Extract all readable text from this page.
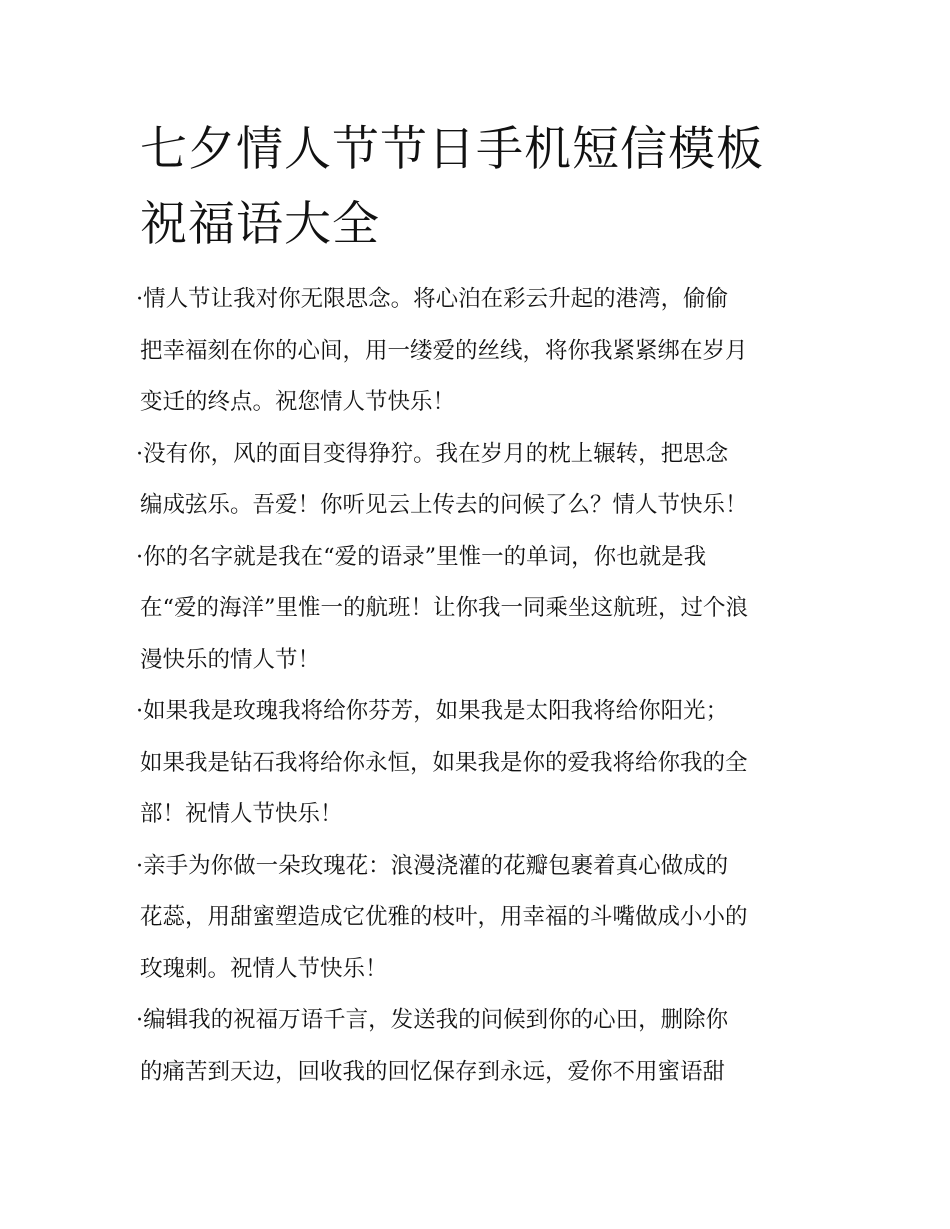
七夕情人节节日手机短信模板
祝福语大全
·情人节让我对你无限思念。将心泊在彩云升起的港湾，偷偷
把幸福刻在你的心间，用一缕爱的丝线，将你我紧紧绑在岁月
变迁的终点。祝您情人节快乐！
·没有你，风的面目变得狰狞。我在岁月的枕上辗转，把思念
编成弦乐。吾爱！你听见云上传去的问候了么？情人节快乐！
·你的名字就是我在“爱的语录”里惟一的单词，你也就是我
在“爱的海洋”里惟一的航班！让你我一同乘坐这航班，过个浪
漫快乐的情人节！
·如果我是玫瑰我将给你芬芳，如果我是太阳我将给你阳光；
如果我是钻石我将给你永恒，如果我是你的爱我将给你我的全
部！祝情人节快乐！
·亲手为你做一朵玫瑰花：浪漫浇灌的花瓣包裹着真心做成的
花蕊，用甜蜜塑造成它优雅的枝叶，用幸福的斗嘴做成小小的
玫瑰刺。祝情人节快乐！
·编辑我的祝福万语千言，发送我的问候到你的心田，删除你
的痛苦到天边，回收我的回忆保存到永远，爱你不用蜜语甜
